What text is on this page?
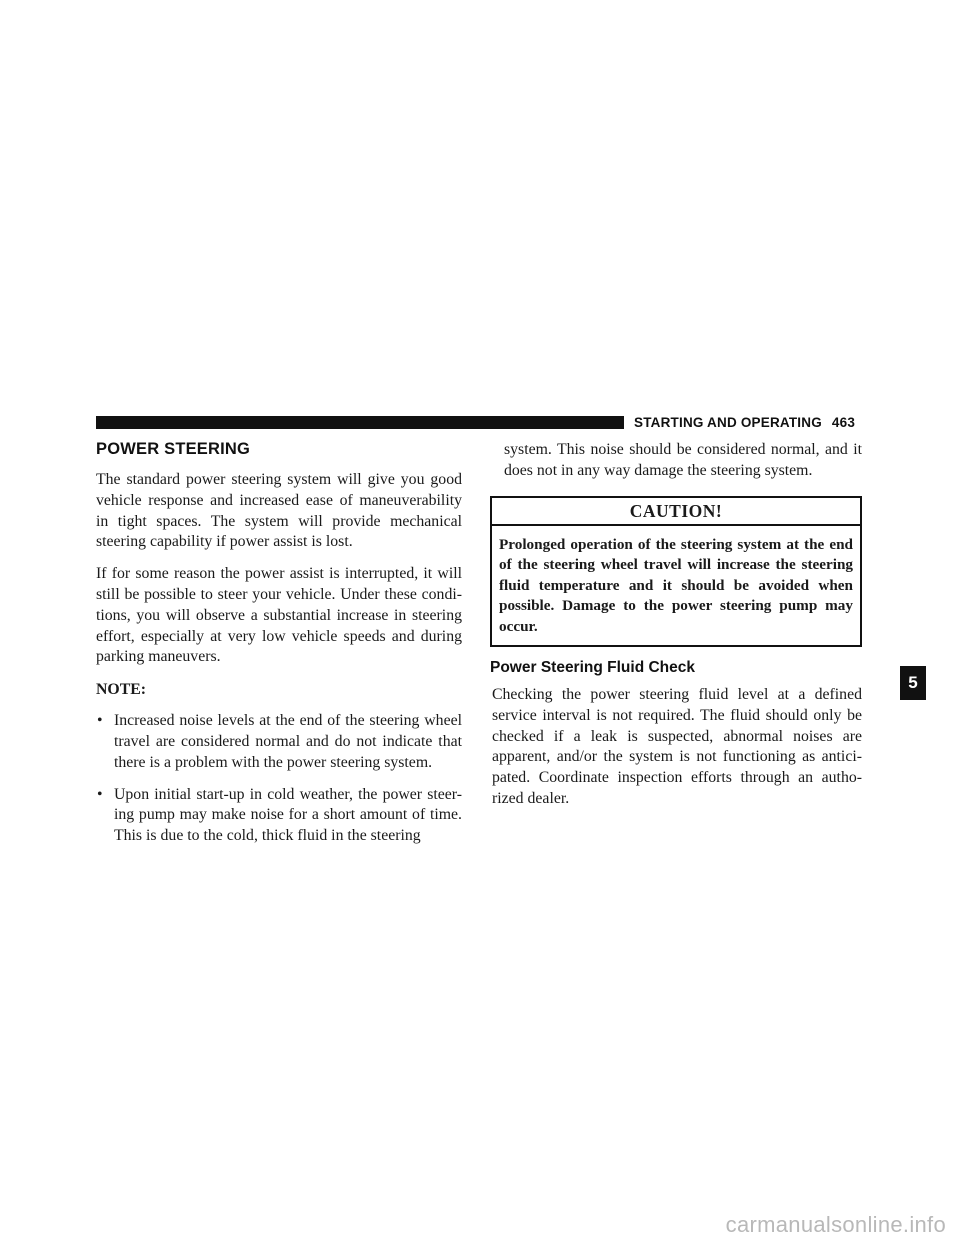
STARTING AND OPERATING 463
POWER STEERING

The standard power steering system will give you good vehicle response and increased ease of maneuverability in tight spaces. The system will provide mechanical steering capability if power assist is lost.

If for some reason the power assist is interrupted, it will still be possible to steer your vehicle. Under these condi-tions, you will observe a substantial increase in steering effort, especially at very low vehicle speeds and during parking maneuvers.

NOTE:

• Increased noise levels at the end of the steering wheel travel are considered normal and do not indicate that there is a problem with the power steering system.
• Upon initial start-up in cold weather, the power steer-ing pump may make noise for a short amount of time. This is due to the cold, thick fluid in the steering

system. This noise should be considered normal, and it does not in any way damage the steering system.

CAUTION!
Prolonged operation of the steering system at the end of the steering wheel travel will increase the steering fluid temperature and it should be avoided when possible. Damage to the power steering pump may occur.
Power Steering Fluid Check

Checking the power steering fluid level at a defined service interval is not required. The fluid should only be checked if a leak is suspected, abnormal noises are apparent, and/or the system is not functioning as antici-pated. Coordinate inspection efforts through an autho-rized dealer.

5
carmanualsonline.info
